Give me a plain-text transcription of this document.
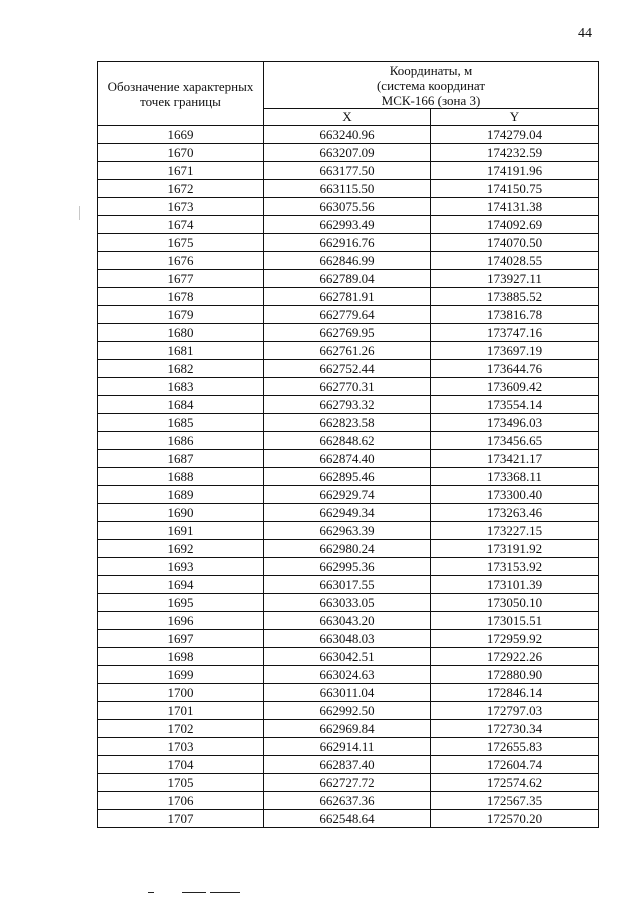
44
Обозначение характерных точек границы	Координаты, м
(система координат
МСК-166 (зона 3)	

	X	Y
1669	663240.96	174279.04
1670	663207.09	174232.59
1671	663177.50	174191.96
1672	663115.50	174150.75
1673	663075.56	174131.38
1674	662993.49	174092.69
1675	662916.76	174070.50
1676	662846.99	174028.55
1677	662789.04	173927.11
1678	662781.91	173885.52
1679	662779.64	173816.78
1680	662769.95	173747.16
1681	662761.26	173697.19
1682	662752.44	173644.76
1683	662770.31	173609.42
1684	662793.32	173554.14
1685	662823.58	173496.03
1686	662848.62	173456.65
1687	662874.40	173421.17
1688	662895.46	173368.11
1689	662929.74	173300.40
1690	662949.34	173263.46
1691	662963.39	173227.15
1692	662980.24	173191.92
1693	662995.36	173153.92
1694	663017.55	173101.39
1695	663033.05	173050.10
1696	663043.20	173015.51
1697	663048.03	172959.92
1698	663042.51	172922.26
1699	663024.63	172880.90
1700	663011.04	172846.14
1701	662992.50	172797.03
1702	662969.84	172730.34
1703	662914.11	172655.83
1704	662837.40	172604.74
1705	662727.72	172574.62
1706	662637.36	172567.35
1707	662548.64	172570.20
